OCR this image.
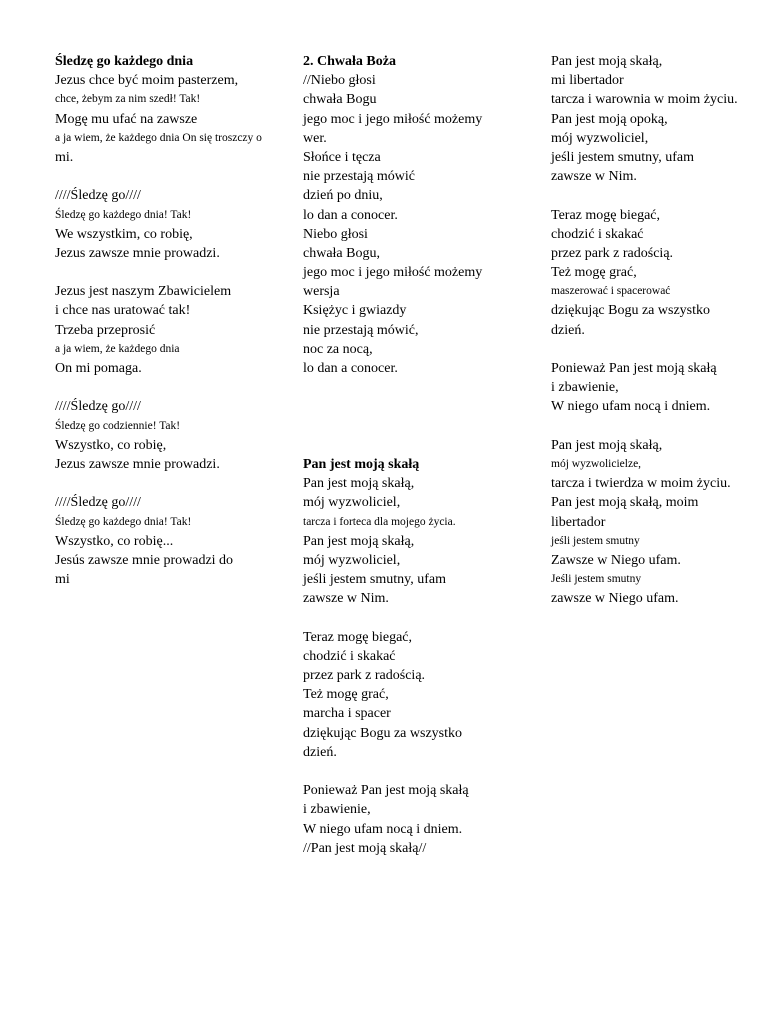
Śledzę go każdego dnia
Jezus chce być moim pasterzem,
chce, żebym za nim szedł! Tak!
Mogę mu ufać na zawsze
a ja wiem, że każdego dnia On się troszczy o
mi.
////Śledzę go////
Śledzę go każdego dnia! Tak!
We wszystkim, co robię,
Jezus zawsze mnie prowadzi.
Jezus jest naszym Zbawicielem
i chce nas uratować tak!
Trzeba przeprosić
a ja wiem, że każdego dnia
On mi pomaga.
////Śledzę go////
Śledzę go codziennie! Tak!
Wszystko, co robię,
Jezus zawsze mnie prowadzi.
////Śledzę go////
Śledzę go każdego dnia! Tak!
Wszystko, co robię...
Jesús zawsze mnie prowadzi do
mi
2. Chwała Boża
//Niebo głosi
chwała Bogu
jego moc i jego miłość możemy
wer.
Słońce i tęcza
nie przestają mówić
dzień po dniu,
lo dan a conocer.
Niebo głosi
chwała Bogu,
jego moc i jego miłość możemy
wersja
Księżyc i gwiazdy
nie przestają mówić,
noc za nocą,
lo dan a conocer.
Pan jest moją skałą
Pan jest moją skałą,
mój wyzwoliciel,
tarcza i forteca dla mojego życia.
Pan jest moją skałą,
mój wyzwoliciel,
jeśli jestem smutny, ufam
zawsze w Nim.
Teraz mogę biegać,
chodzić i skakać
przez park z radością.
Też mogę grać,
marcha i spacer
dziękując Bogu za wszystko
dzień.
Ponieważ Pan jest moją skałą
i zbawienie,
W niego ufam nocą i dniem.
//Pan jest moją skałą//
Pan jest moją skałą,
mi libertador
tarcza i warownia w moim życiu.
Pan jest moją opoką,
mój wyzwoliciel,
jeśli jestem smutny, ufam
zawsze w Nim.
Teraz mogę biegać,
chodzić i skakać
przez park z radością.
Też mogę grać,
maszerować i spacerować
dziękując Bogu za wszystko
dzień.
Ponieważ Pan jest moją skałą
i zbawienie,
W niego ufam nocą i dniem.
Pan jest moją skałą,
mój wyzwolicielze,
tarcza i twierdza w moim życiu.
Pan jest moją skałą, moim
libertador
jeśli jestem smutny
Zawsze w Niego ufam.
Jeśli jestem smutny
zawsze w Niego ufam.
